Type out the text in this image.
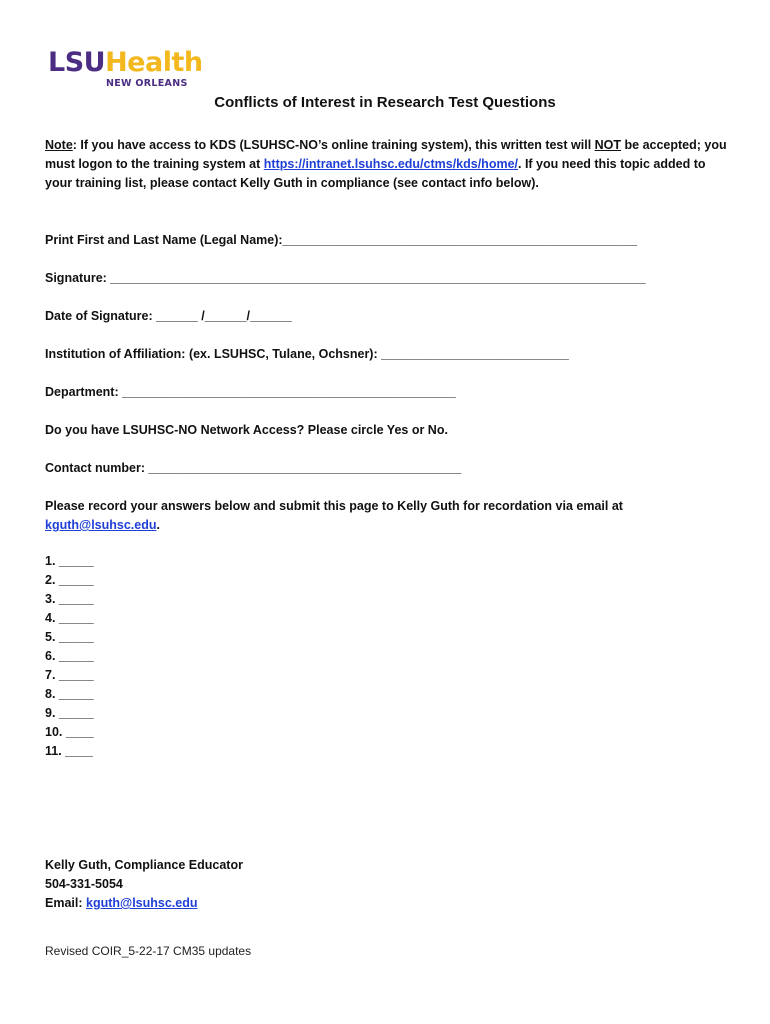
LSUHealth
NEW ORLEANS
Conflicts of Interest in Research Test Questions
Note: If you have access to KDS (LSUHSC-NO’s online training system), this written test will NOT be accepted; you must logon to the training system at https://intranet.lsuhsc.edu/ctms/kds/home/. If you need this topic added to your training list, please contact Kelly Guth in compliance (see contact info below).
Print First and Last Name (Legal Name):___________________________________________________
Signature: _____________________________________________________________________________
Date of Signature: ______ /______/______
Institution of Affiliation: (ex. LSUHSC, Tulane, Ochsner): ___________________________
Department: ________________________________________________
Do you have LSUHSC-NO Network Access? Please circle Yes or No.
Contact number: _____________________________________________
Please record your answers below and submit this page to Kelly Guth for recordation via email at kguth@lsuhsc.edu.
1. _____
2. _____
3. _____
4. _____
5. _____
6. _____
7. _____
8. _____
9. _____
10. ____
11. ____
Kelly Guth, Compliance Educator
504-331-5054
Email: kguth@lsuhsc.edu
Revised COIR_5-22-17 CM35 updates
